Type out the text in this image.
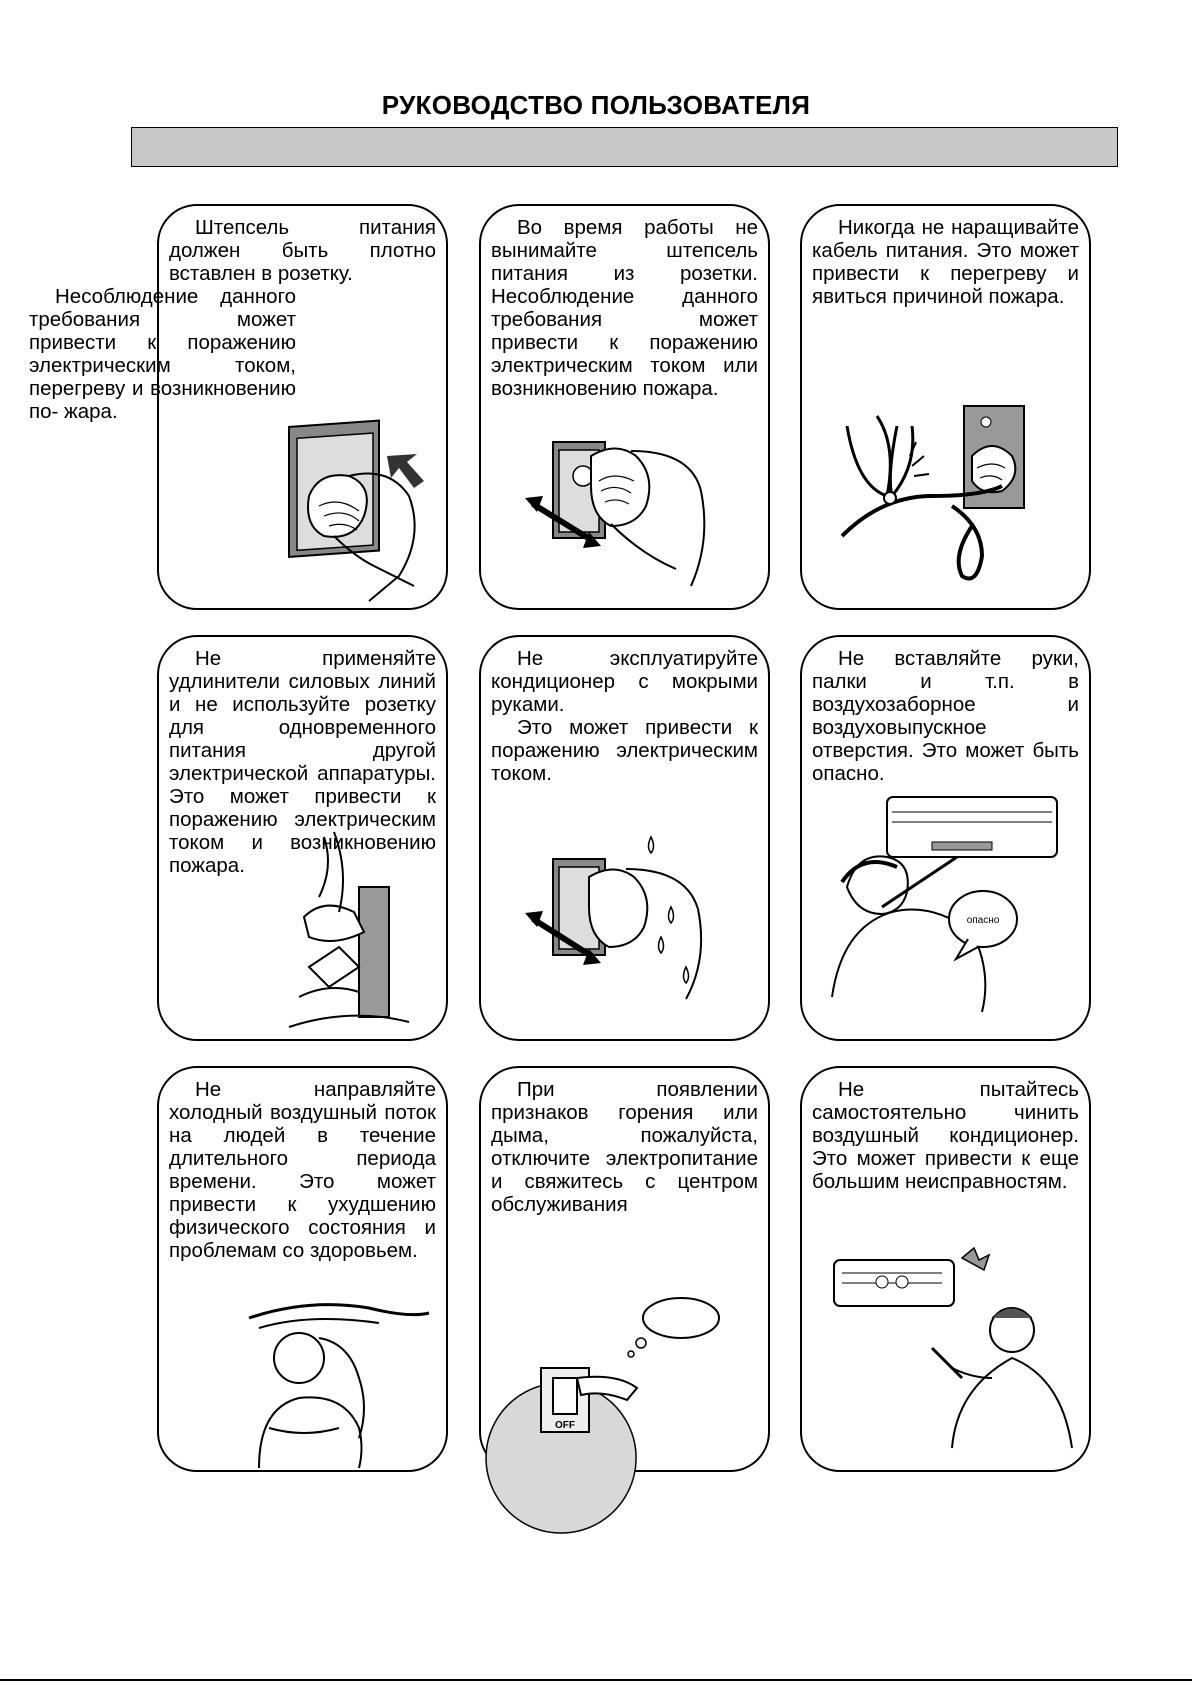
РУКОВОДСТВО ПОЛЬЗОВАТЕЛЯ

Штепсель питания должен быть плотно вставлен в розетку.

Несоблюдение данного требования может привести к поражению электрическим током, перегреву и возникновению по- жара.

Во время работы не вынимайте штепсель питания из розетки. Несоблюдение данного требования может привести к поражению электрическим током или возникновению пожара.

Никогда не наращивайте кабель питания. Это может привести к перегреву и явиться причиной пожара.

Не применяйте удлинители силовых линий и не используйте розетку для одновременного питания другой электрической аппаратуры. Это может привести к поражению электрическим током и возникновению пожара.

Не эксплуатируйте кондиционер с мокрыми руками.

Это может привести к поражению электрическим током.

Не вставляйте руки, палки и т.п. в воздухозаборное и воздуховыпускное отверстия. Это может быть опасно.

опасно

Не направляйте холодный воздушный поток на людей в течение длительного периода времени. Это может привести к ухудшению физического состояния и проблемам со здоровьем.

При появлении признаков горения или дыма, пожалуйста, отключите электропитание и свяжитесь с центром обслуживания

OFF

Не пытайтесь самостоятельно чинить воздушный кондиционер. Это может привести к еще большим неисправностям.
